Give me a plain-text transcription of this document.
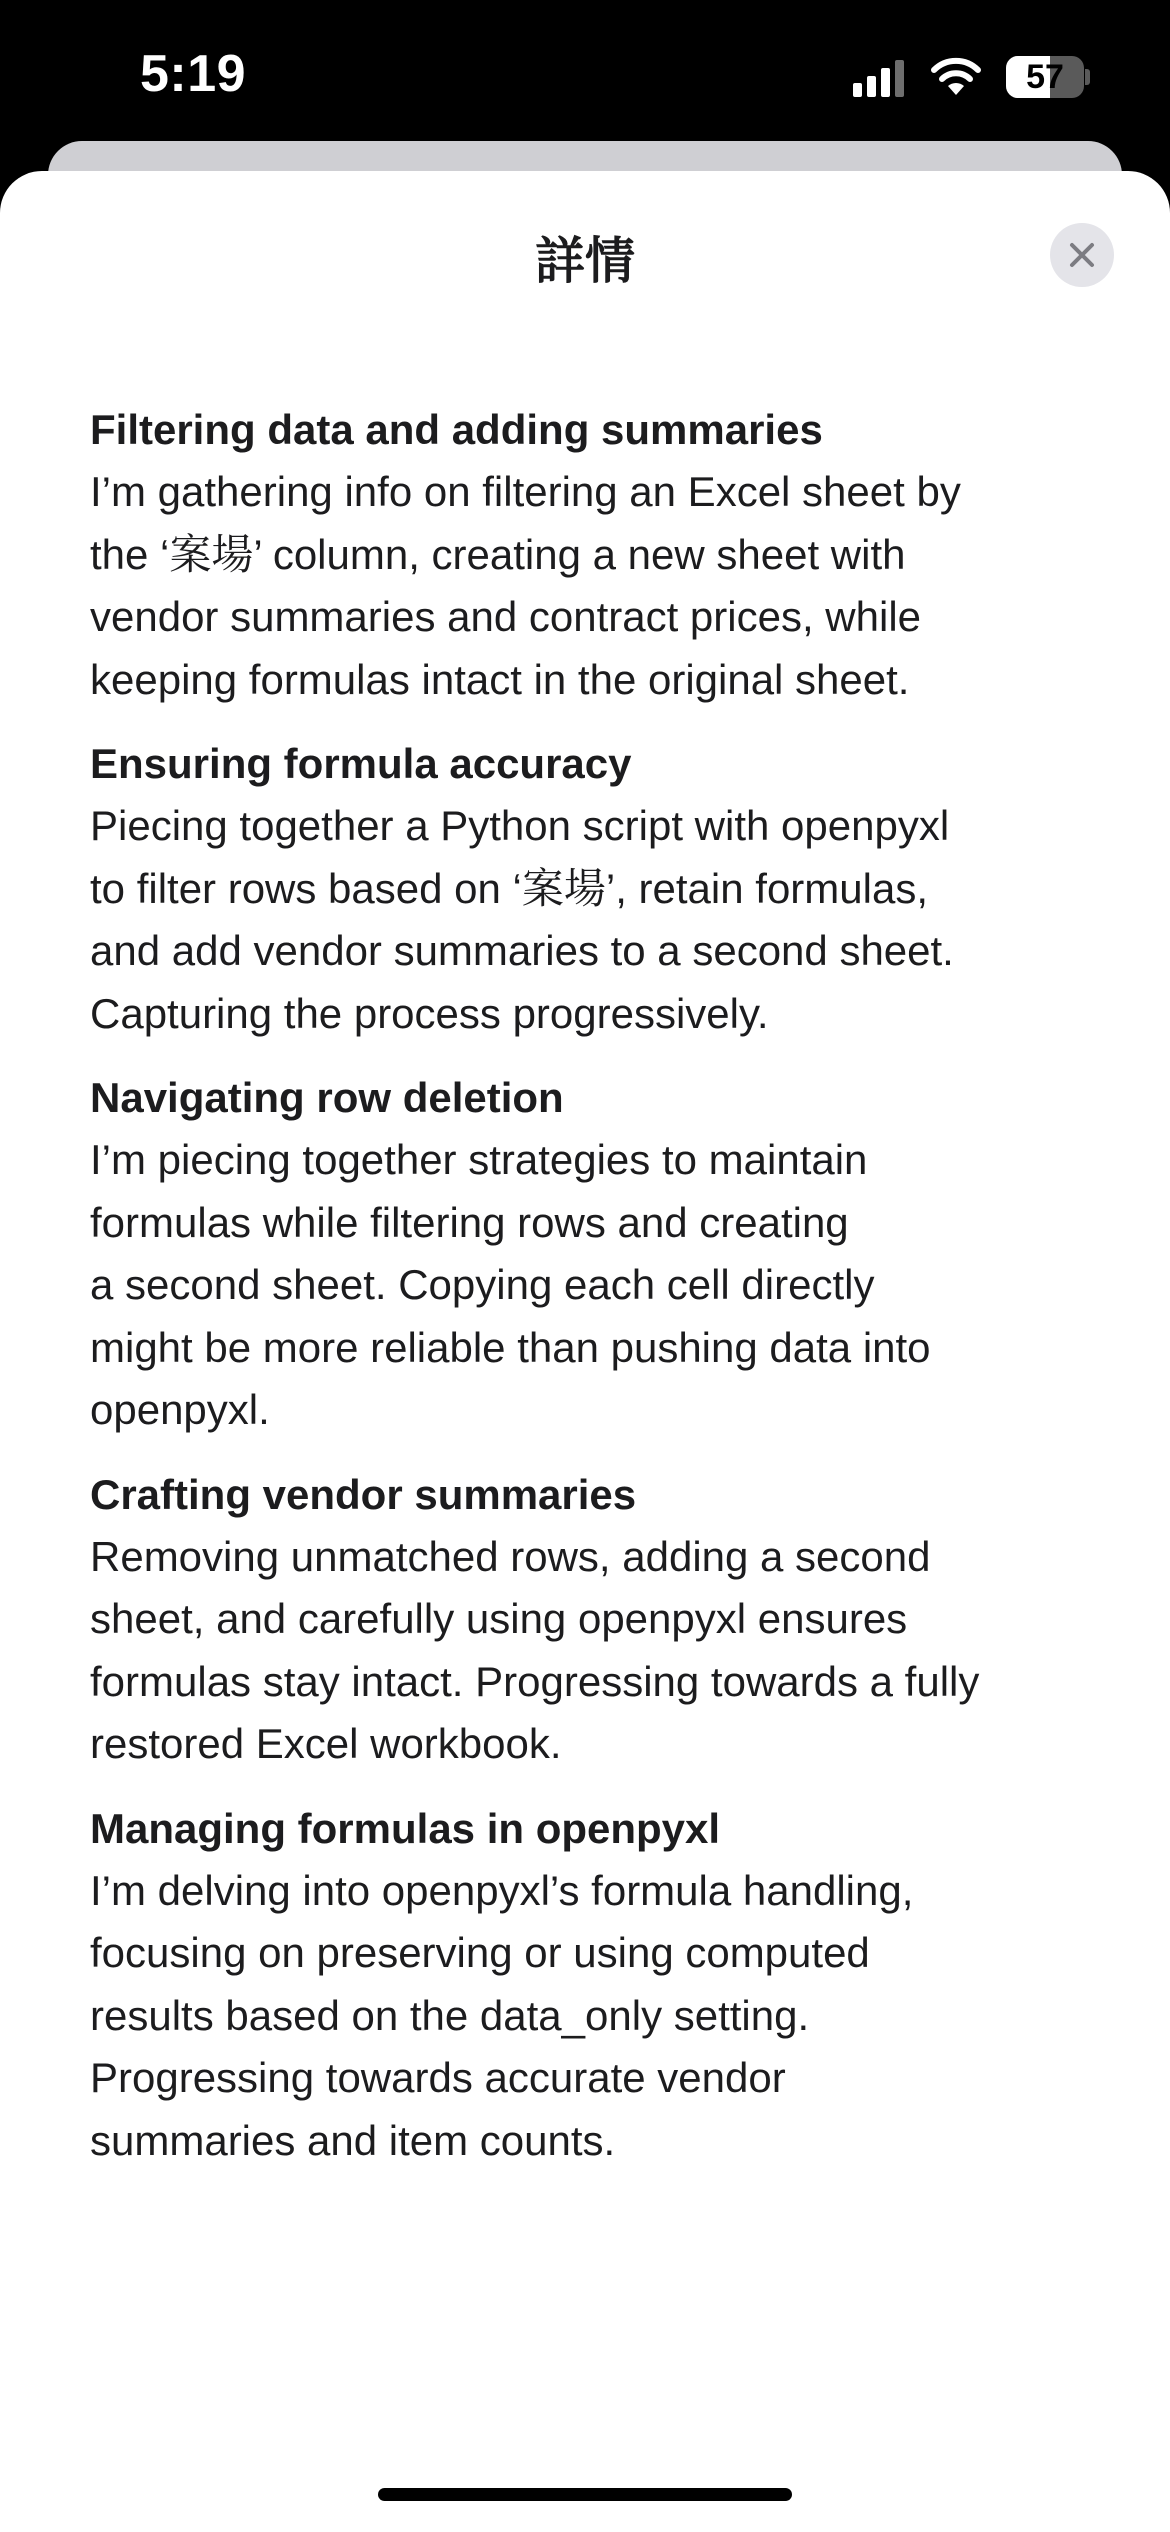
5:19	57
詳情
Filtering data and adding summaries
I’m gathering info on filtering an Excel sheet by
the ‘案場’ column, creating a new sheet with
vendor summaries and contract prices, while
keeping formulas intact in the original sheet.
Ensuring formula accuracy
Piecing together a Python script with openpyxl
to filter rows based on ‘案場’, retain formulas,
and add vendor summaries to a second sheet.
Capturing the process progressively.
Navigating row deletion
I’m piecing together strategies to maintain
formulas while filtering rows and creating
a second sheet. Copying each cell directly
might be more reliable than pushing data into
openpyxl.
Crafting vendor summaries
Removing unmatched rows, adding a second
sheet, and carefully using openpyxl ensures
formulas stay intact. Progressing towards a fully
restored Excel workbook.
Managing formulas in openpyxl
I’m delving into openpyxl’s formula handling,
focusing on preserving or using computed
results based on the data_only setting.
Progressing towards accurate vendor
summaries and item counts.
